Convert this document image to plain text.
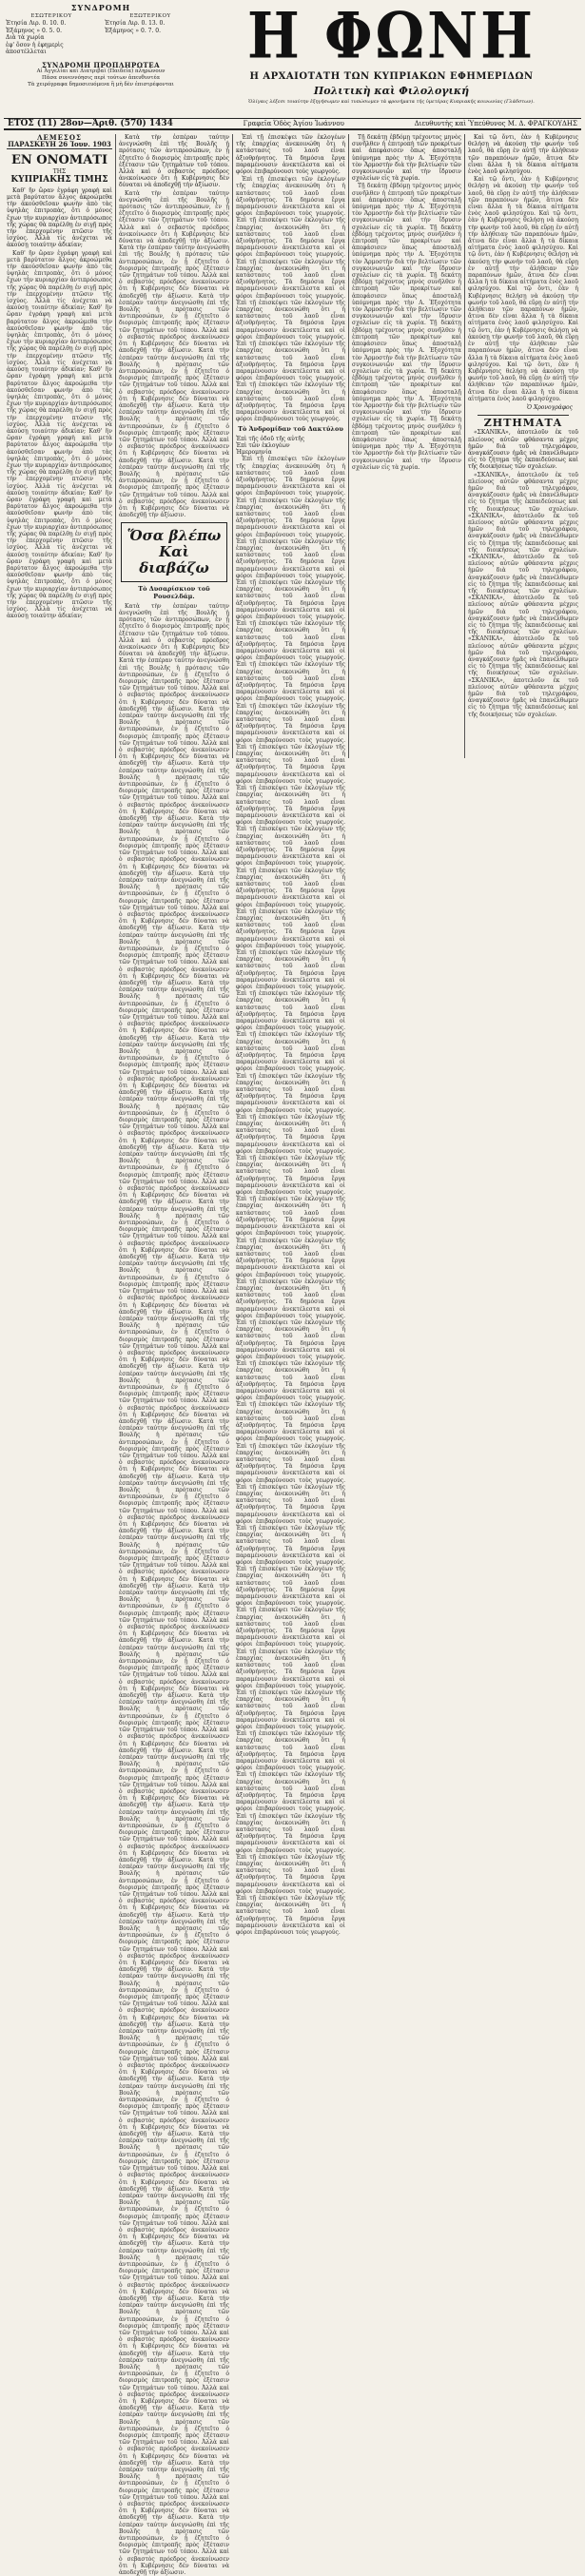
ΣΥΝΔΡΟΜΗ
ΕΣΩΤΕΡΙΚΟΥ
Ἐτησία Λιρ. 0. 10. 0.
Ἑξάμηνος » 0. 5. 0.
Διὰ τὰ χωρία
ἐφ' ὅσον ἡ ἐφημερὶς
ἀποστέλλεται
ΕΞΩΤΕΡΙΚΟΥ
Ἐτησία Λιρ. 0. 13. 0.
Ἑξάμηνος » 0. 7. 0.
ΣΥΝΔΡΟΜΗ ΠΡΟΠΛΗΡΩΤΕΑ
Αἱ Ἀγγελίαι καὶ Διατριβαὶ (Παιδεία) πληρώνουν
Πᾶσα συνεννόησις περὶ τούτων ἀπευθυντέα
Τὰ χειρόγραφα δημοσιευόμενα ἢ μὴ δὲν ἐπιστρέφονται
Η ΦΩΝΗ
Η ΑΡΧΑΙΟΤΑΤΗ ΤΩΝ ΚΥΠΡΙΑΚΩΝ ΕΦΗΜΕΡΙΔΩΝ
Πολιτικὴ καὶ Φιλολογική
Ὁλίγαις λέξεσι τοιαύτην ἐξηγήσωμεν καὶ τυπώσωμεν τὰ φρονήματα τῆς ὑμετέρας Κυπριακῆς κοινωνίας (Γλάδστων).
ΕΤΟΣ (11) 28ον—Ἀριθ. (570) 1434	Γραφεῖα Ὁδὸς Ἁγίου Ἰωάννου	Διευθυντὴς καὶ Ὑπεύθυνος Μ. Δ. ΦΡΑΓΚΟΥΔΗΣ
ΛΕΜΕΣΟΣ
ΠΑΡΑΣΚΕΥΗ 26 Ἰουν. 1903
ΕΝ ΟΝΟΜΑΤΙ
ΤΗΣ
ΚΥΠΡΙΑΚΗΣ ΤΙΜΗΣ

Καθ' ἣν ὥραν ἐγράφη γραφὴ καὶ μετὰ βαρύτατον ἄλγος ἀκροώμεθα τὴν ἀκούσθεῖσαν φωνὴν ἀπὸ τὰς ὑψηλὰς ἐπιτροπὰς, ὅτι ὁ μόνος ἔχων τὴν κυριαρχίαν ἀντιπρόσωπος τῆς χώρας θὰ παρέλθῃ ἐν σιγῇ πρὸς τὴν ἐπερχομένην πτῶσιν τῆς ἰσχύος. Ἀλλὰ τίς ἀνέχεται νὰ ἀκούσῃ τοιαύτην ἀδικίαν;

Καθ' ἣν ὥραν ἐγράφη γραφὴ καὶ μετὰ βαρύτατον ἄλγος ἀκροώμεθα τὴν ἀκούσθεῖσαν φωνὴν ἀπὸ τὰς ὑψηλὰς ἐπιτροπὰς, ὅτι ὁ μόνος ἔχων τὴν κυριαρχίαν ἀντιπρόσωπος τῆς χώρας θὰ παρέλθῃ ἐν σιγῇ πρὸς τὴν ἐπερχομένην πτῶσιν τῆς ἰσχύος. Ἀλλὰ τίς ἀνέχεται νὰ ἀκούσῃ τοιαύτην ἀδικίαν; Καθ' ἣν ὥραν ἐγράφη γραφὴ καὶ μετὰ βαρύτατον ἄλγος ἀκροώμεθα τὴν ἀκούσθεῖσαν φωνὴν ἀπὸ τὰς ὑψηλὰς ἐπιτροπὰς, ὅτι ὁ μόνος ἔχων τὴν κυριαρχίαν ἀντιπρόσωπος τῆς χώρας θὰ παρέλθῃ ἐν σιγῇ πρὸς τὴν ἐπερχομένην πτῶσιν τῆς ἰσχύος. Ἀλλὰ τίς ἀνέχεται νὰ ἀκούσῃ τοιαύτην ἀδικίαν; Καθ' ἣν ὥραν ἐγράφη γραφὴ καὶ μετὰ βαρύτατον ἄλγος ἀκροώμεθα τὴν ἀκούσθεῖσαν φωνὴν ἀπὸ τὰς ὑψηλὰς ἐπιτροπὰς, ὅτι ὁ μόνος ἔχων τὴν κυριαρχίαν ἀντιπρόσωπος τῆς χώρας θὰ παρέλθῃ ἐν σιγῇ πρὸς τὴν ἐπερχομένην πτῶσιν τῆς ἰσχύος. Ἀλλὰ τίς ἀνέχεται νὰ ἀκούσῃ τοιαύτην ἀδικίαν; Καθ' ἣν ὥραν ἐγράφη γραφὴ καὶ μετὰ βαρύτατον ἄλγος ἀκροώμεθα τὴν ἀκούσθεῖσαν φωνὴν ἀπὸ τὰς ὑψηλὰς ἐπιτροπὰς, ὅτι ὁ μόνος ἔχων τὴν κυριαρχίαν ἀντιπρόσωπος τῆς χώρας θὰ παρέλθῃ ἐν σιγῇ πρὸς τὴν ἐπερχομένην πτῶσιν τῆς ἰσχύος. Ἀλλὰ τίς ἀνέχεται νὰ ἀκούσῃ τοιαύτην ἀδικίαν; Καθ' ἣν ὥραν ἐγράφη γραφὴ καὶ μετὰ βαρύτατον ἄλγος ἀκροώμεθα τὴν ἀκούσθεῖσαν φωνὴν ἀπὸ τὰς ὑψηλὰς ἐπιτροπὰς, ὅτι ὁ μόνος ἔχων τὴν κυριαρχίαν ἀντιπρόσωπος τῆς χώρας θὰ παρέλθῃ ἐν σιγῇ πρὸς τὴν ἐπερχομένην πτῶσιν τῆς ἰσχύος. Ἀλλὰ τίς ἀνέχεται νὰ ἀκούσῃ τοιαύτην ἀδικίαν; Καθ' ἣν ὥραν ἐγράφη γραφὴ καὶ μετὰ βαρύτατον ἄλγος ἀκροώμεθα τὴν ἀκούσθεῖσαν φωνὴν ἀπὸ τὰς ὑψηλὰς ἐπιτροπὰς, ὅτι ὁ μόνος ἔχων τὴν κυριαρχίαν ἀντιπρόσωπος τῆς χώρας θὰ παρέλθῃ ἐν σιγῇ πρὸς τὴν ἐπερχομένην πτῶσιν τῆς ἰσχύος. Ἀλλὰ τίς ἀνέχεται νὰ ἀκούσῃ τοιαύτην ἀδικίαν;

Κατὰ τὴν ἐσπέραν ταύτην ἀνεγνώσθη ἐπὶ τῆς Βουλῆς ἡ πρότασις τῶν ἀντιπροσώπων, ἐν ᾗ ἐζητεῖτο ὁ διορισμὸς ἐπιτροπῆς πρὸς ἐξέτασιν τῶν ζητημάτων τοῦ τόπου. Ἀλλὰ καὶ ὁ σεβαστὸς πρόεδρος ἀνεκοίνωσεν ὅτι ἡ Κυβέρνησις δὲν δύναται νὰ ἀποδεχθῇ τὴν ἀξίωσιν.

Κατὰ τὴν ἐσπέραν ταύτην ἀνεγνώσθη ἐπὶ τῆς Βουλῆς ἡ πρότασις τῶν ἀντιπροσώπων, ἐν ᾗ ἐζητεῖτο ὁ διορισμὸς ἐπιτροπῆς πρὸς ἐξέτασιν τῶν ζητημάτων τοῦ τόπου. Ἀλλὰ καὶ ὁ σεβαστὸς πρόεδρος ἀνεκοίνωσεν ὅτι ἡ Κυβέρνησις δὲν δύναται νὰ ἀποδεχθῇ τὴν ἀξίωσιν. Κατὰ τὴν ἐσπέραν ταύτην ἀνεγνώσθη ἐπὶ τῆς Βουλῆς ἡ πρότασις τῶν ἀντιπροσώπων, ἐν ᾗ ἐζητεῖτο ὁ διορισμὸς ἐπιτροπῆς πρὸς ἐξέτασιν τῶν ζητημάτων τοῦ τόπου. Ἀλλὰ καὶ ὁ σεβαστὸς πρόεδρος ἀνεκοίνωσεν ὅτι ἡ Κυβέρνησις δὲν δύναται νὰ ἀποδεχθῇ τὴν ἀξίωσιν. Κατὰ τὴν ἐσπέραν ταύτην ἀνεγνώσθη ἐπὶ τῆς Βουλῆς ἡ πρότασις τῶν ἀντιπροσώπων, ἐν ᾗ ἐζητεῖτο ὁ διορισμὸς ἐπιτροπῆς πρὸς ἐξέτασιν τῶν ζητημάτων τοῦ τόπου. Ἀλλὰ καὶ ὁ σεβαστὸς πρόεδρος ἀνεκοίνωσεν ὅτι ἡ Κυβέρνησις δὲν δύναται νὰ ἀποδεχθῇ τὴν ἀξίωσιν. Κατὰ τὴν ἐσπέραν ταύτην ἀνεγνώσθη ἐπὶ τῆς Βουλῆς ἡ πρότασις τῶν ἀντιπροσώπων, ἐν ᾗ ἐζητεῖτο ὁ διορισμὸς ἐπιτροπῆς πρὸς ἐξέτασιν τῶν ζητημάτων τοῦ τόπου. Ἀλλὰ καὶ ὁ σεβαστὸς πρόεδρος ἀνεκοίνωσεν ὅτι ἡ Κυβέρνησις δὲν δύναται νὰ ἀποδεχθῇ τὴν ἀξίωσιν. Κατὰ τὴν ἐσπέραν ταύτην ἀνεγνώσθη ἐπὶ τῆς Βουλῆς ἡ πρότασις τῶν ἀντιπροσώπων, ἐν ᾗ ἐζητεῖτο ὁ διορισμὸς ἐπιτροπῆς πρὸς ἐξέτασιν τῶν ζητημάτων τοῦ τόπου. Ἀλλὰ καὶ ὁ σεβαστὸς πρόεδρος ἀνεκοίνωσεν ὅτι ἡ Κυβέρνησις δὲν δύναται νὰ ἀποδεχθῇ τὴν ἀξίωσιν. Κατὰ τὴν ἐσπέραν ταύτην ἀνεγνώσθη ἐπὶ τῆς Βουλῆς ἡ πρότασις τῶν ἀντιπροσώπων, ἐν ᾗ ἐζητεῖτο ὁ διορισμὸς ἐπιτροπῆς πρὸς ἐξέτασιν τῶν ζητημάτων τοῦ τόπου. Ἀλλὰ καὶ ὁ σεβαστὸς πρόεδρος ἀνεκοίνωσεν ὅτι ἡ Κυβέρνησις δὲν δύναται νὰ ἀποδεχθῇ τὴν ἀξίωσιν.

Ὅσα βλέπω
Καὶ διαβάζω
Τὸ Δυσαρίσκιον τοῦ Ρουσελδάμ.

Κατὰ τὴν ἐσπέραν ταύτην ἀνεγνώσθη ἐπὶ τῆς Βουλῆς ἡ πρότασις τῶν ἀντιπροσώπων, ἐν ᾗ ἐζητεῖτο ὁ διορισμὸς ἐπιτροπῆς πρὸς ἐξέτασιν τῶν ζητημάτων τοῦ τόπου. Ἀλλὰ καὶ ὁ σεβαστὸς πρόεδρος ἀνεκοίνωσεν ὅτι ἡ Κυβέρνησις δὲν δύναται νὰ ἀποδεχθῇ τὴν ἀξίωσιν. Κατὰ τὴν ἐσπέραν ταύτην ἀνεγνώσθη ἐπὶ τῆς Βουλῆς ἡ πρότασις τῶν ἀντιπροσώπων, ἐν ᾗ ἐζητεῖτο ὁ διορισμὸς ἐπιτροπῆς πρὸς ἐξέτασιν τῶν ζητημάτων τοῦ τόπου. Ἀλλὰ καὶ ὁ σεβαστὸς πρόεδρος ἀνεκοίνωσεν ὅτι ἡ Κυβέρνησις δὲν δύναται νὰ ἀποδεχθῇ τὴν ἀξίωσιν. Κατὰ τὴν ἐσπέραν ταύτην ἀνεγνώσθη ἐπὶ τῆς Βουλῆς ἡ πρότασις τῶν ἀντιπροσώπων, ἐν ᾗ ἐζητεῖτο ὁ διορισμὸς ἐπιτροπῆς πρὸς ἐξέτασιν τῶν ζητημάτων τοῦ τόπου. Ἀλλὰ καὶ ὁ σεβαστὸς πρόεδρος ἀνεκοίνωσεν ὅτι ἡ Κυβέρνησις δὲν δύναται νὰ ἀποδεχθῇ τὴν ἀξίωσιν. Κατὰ τὴν ἐσπέραν ταύτην ἀνεγνώσθη ἐπὶ τῆς Βουλῆς ἡ πρότασις τῶν ἀντιπροσώπων, ἐν ᾗ ἐζητεῖτο ὁ διορισμὸς ἐπιτροπῆς πρὸς ἐξέτασιν τῶν ζητημάτων τοῦ τόπου. Ἀλλὰ καὶ ὁ σεβαστὸς πρόεδρος ἀνεκοίνωσεν ὅτι ἡ Κυβέρνησις δὲν δύναται νὰ ἀποδεχθῇ τὴν ἀξίωσιν. Κατὰ τὴν ἐσπέραν ταύτην ἀνεγνώσθη ἐπὶ τῆς Βουλῆς ἡ πρότασις τῶν ἀντιπροσώπων, ἐν ᾗ ἐζητεῖτο ὁ διορισμὸς ἐπιτροπῆς πρὸς ἐξέτασιν τῶν ζητημάτων τοῦ τόπου. Ἀλλὰ καὶ ὁ σεβαστὸς πρόεδρος ἀνεκοίνωσεν ὅτι ἡ Κυβέρνησις δὲν δύναται νὰ ἀποδεχθῇ τὴν ἀξίωσιν. Κατὰ τὴν ἐσπέραν ταύτην ἀνεγνώσθη ἐπὶ τῆς Βουλῆς ἡ πρότασις τῶν ἀντιπροσώπων, ἐν ᾗ ἐζητεῖτο ὁ διορισμὸς ἐπιτροπῆς πρὸς ἐξέτασιν τῶν ζητημάτων τοῦ τόπου. Ἀλλὰ καὶ ὁ σεβαστὸς πρόεδρος ἀνεκοίνωσεν ὅτι ἡ Κυβέρνησις δὲν δύναται νὰ ἀποδεχθῇ τὴν ἀξίωσιν. Κατὰ τὴν ἐσπέραν ταύτην ἀνεγνώσθη ἐπὶ τῆς Βουλῆς ἡ πρότασις τῶν ἀντιπροσώπων, ἐν ᾗ ἐζητεῖτο ὁ διορισμὸς ἐπιτροπῆς πρὸς ἐξέτασιν τῶν ζητημάτων τοῦ τόπου. Ἀλλὰ καὶ ὁ σεβαστὸς πρόεδρος ἀνεκοίνωσεν ὅτι ἡ Κυβέρνησις δὲν δύναται νὰ ἀποδεχθῇ τὴν ἀξίωσιν. Κατὰ τὴν ἐσπέραν ταύτην ἀνεγνώσθη ἐπὶ τῆς Βουλῆς ἡ πρότασις τῶν ἀντιπροσώπων, ἐν ᾗ ἐζητεῖτο ὁ διορισμὸς ἐπιτροπῆς πρὸς ἐξέτασιν τῶν ζητημάτων τοῦ τόπου. Ἀλλὰ καὶ ὁ σεβαστὸς πρόεδρος ἀνεκοίνωσεν ὅτι ἡ Κυβέρνησις δὲν δύναται νὰ ἀποδεχθῇ τὴν ἀξίωσιν. Κατὰ τὴν ἐσπέραν ταύτην ἀνεγνώσθη ἐπὶ τῆς Βουλῆς ἡ πρότασις τῶν ἀντιπροσώπων, ἐν ᾗ ἐζητεῖτο ὁ διορισμὸς ἐπιτροπῆς πρὸς ἐξέτασιν τῶν ζητημάτων τοῦ τόπου. Ἀλλὰ καὶ ὁ σεβαστὸς πρόεδρος ἀνεκοίνωσεν ὅτι ἡ Κυβέρνησις δὲν δύναται νὰ ἀποδεχθῇ τὴν ἀξίωσιν. Κατὰ τὴν ἐσπέραν ταύτην ἀνεγνώσθη ἐπὶ τῆς Βουλῆς ἡ πρότασις τῶν ἀντιπροσώπων, ἐν ᾗ ἐζητεῖτο ὁ διορισμὸς ἐπιτροπῆς πρὸς ἐξέτασιν τῶν ζητημάτων τοῦ τόπου. Ἀλλὰ καὶ ὁ σεβαστὸς πρόεδρος ἀνεκοίνωσεν ὅτι ἡ Κυβέρνησις δὲν δύναται νὰ ἀποδεχθῇ τὴν ἀξίωσιν. Κατὰ τὴν ἐσπέραν ταύτην ἀνεγνώσθη ἐπὶ τῆς Βουλῆς ἡ πρότασις τῶν ἀντιπροσώπων, ἐν ᾗ ἐζητεῖτο ὁ διορισμὸς ἐπιτροπῆς πρὸς ἐξέτασιν τῶν ζητημάτων τοῦ τόπου. Ἀλλὰ καὶ ὁ σεβαστὸς πρόεδρος ἀνεκοίνωσεν ὅτι ἡ Κυβέρνησις δὲν δύναται νὰ ἀποδεχθῇ τὴν ἀξίωσιν. Κατὰ τὴν ἐσπέραν ταύτην ἀνεγνώσθη ἐπὶ τῆς Βουλῆς ἡ πρότασις τῶν ἀντιπροσώπων, ἐν ᾗ ἐζητεῖτο ὁ διορισμὸς ἐπιτροπῆς πρὸς ἐξέτασιν τῶν ζητημάτων τοῦ τόπου. Ἀλλὰ καὶ ὁ σεβαστὸς πρόεδρος ἀνεκοίνωσεν ὅτι ἡ Κυβέρνησις δὲν δύναται νὰ ἀποδεχθῇ τὴν ἀξίωσιν. Κατὰ τὴν ἐσπέραν ταύτην ἀνεγνώσθη ἐπὶ τῆς Βουλῆς ἡ πρότασις τῶν ἀντιπροσώπων, ἐν ᾗ ἐζητεῖτο ὁ διορισμὸς ἐπιτροπῆς πρὸς ἐξέτασιν τῶν ζητημάτων τοῦ τόπου. Ἀλλὰ καὶ ὁ σεβαστὸς πρόεδρος ἀνεκοίνωσεν ὅτι ἡ Κυβέρνησις δὲν δύναται νὰ ἀποδεχθῇ τὴν ἀξίωσιν. Κατὰ τὴν ἐσπέραν ταύτην ἀνεγνώσθη ἐπὶ τῆς Βουλῆς ἡ πρότασις τῶν ἀντιπροσώπων, ἐν ᾗ ἐζητεῖτο ὁ διορισμὸς ἐπιτροπῆς πρὸς ἐξέτασιν τῶν ζητημάτων τοῦ τόπου. Ἀλλὰ καὶ ὁ σεβαστὸς πρόεδρος ἀνεκοίνωσεν ὅτι ἡ Κυβέρνησις δὲν δύναται νὰ ἀποδεχθῇ τὴν ἀξίωσιν. Κατὰ τὴν ἐσπέραν ταύτην ἀνεγνώσθη ἐπὶ τῆς Βουλῆς ἡ πρότασις τῶν ἀντιπροσώπων, ἐν ᾗ ἐζητεῖτο ὁ διορισμὸς ἐπιτροπῆς πρὸς ἐξέτασιν τῶν ζητημάτων τοῦ τόπου. Ἀλλὰ καὶ ὁ σεβαστὸς πρόεδρος ἀνεκοίνωσεν ὅτι ἡ Κυβέρνησις δὲν δύναται νὰ ἀποδεχθῇ τὴν ἀξίωσιν. Κατὰ τὴν ἐσπέραν ταύτην ἀνεγνώσθη ἐπὶ τῆς Βουλῆς ἡ πρότασις τῶν ἀντιπροσώπων, ἐν ᾗ ἐζητεῖτο ὁ διορισμὸς ἐπιτροπῆς πρὸς ἐξέτασιν τῶν ζητημάτων τοῦ τόπου. Ἀλλὰ καὶ ὁ σεβαστὸς πρόεδρος ἀνεκοίνωσεν ὅτι ἡ Κυβέρνησις δὲν δύναται νὰ ἀποδεχθῇ τὴν ἀξίωσιν. Κατὰ τὴν ἐσπέραν ταύτην ἀνεγνώσθη ἐπὶ τῆς Βουλῆς ἡ πρότασις τῶν ἀντιπροσώπων, ἐν ᾗ ἐζητεῖτο ὁ διορισμὸς ἐπιτροπῆς πρὸς ἐξέτασιν τῶν ζητημάτων τοῦ τόπου. Ἀλλὰ καὶ ὁ σεβαστὸς πρόεδρος ἀνεκοίνωσεν ὅτι ἡ Κυβέρνησις δὲν δύναται νὰ ἀποδεχθῇ τὴν ἀξίωσιν. Κατὰ τὴν ἐσπέραν ταύτην ἀνεγνώσθη ἐπὶ τῆς Βουλῆς ἡ πρότασις τῶν ἀντιπροσώπων, ἐν ᾗ ἐζητεῖτο ὁ διορισμὸς ἐπιτροπῆς πρὸς ἐξέτασιν τῶν ζητημάτων τοῦ τόπου. Ἀλλὰ καὶ ὁ σεβαστὸς πρόεδρος ἀνεκοίνωσεν ὅτι ἡ Κυβέρνησις δὲν δύναται νὰ ἀποδεχθῇ τὴν ἀξίωσιν. Κατὰ τὴν ἐσπέραν ταύτην ἀνεγνώσθη ἐπὶ τῆς Βουλῆς ἡ πρότασις τῶν ἀντιπροσώπων, ἐν ᾗ ἐζητεῖτο ὁ διορισμὸς ἐπιτροπῆς πρὸς ἐξέτασιν τῶν ζητημάτων τοῦ τόπου. Ἀλλὰ καὶ ὁ σεβαστὸς πρόεδρος ἀνεκοίνωσεν ὅτι ἡ Κυβέρνησις δὲν δύναται νὰ ἀποδεχθῇ τὴν ἀξίωσιν. Κατὰ τὴν ἐσπέραν ταύτην ἀνεγνώσθη ἐπὶ τῆς Βουλῆς ἡ πρότασις τῶν ἀντιπροσώπων, ἐν ᾗ ἐζητεῖτο ὁ διορισμὸς ἐπιτροπῆς πρὸς ἐξέτασιν τῶν ζητημάτων τοῦ τόπου. Ἀλλὰ καὶ ὁ σεβαστὸς πρόεδρος ἀνεκοίνωσεν ὅτι ἡ Κυβέρνησις δὲν δύναται νὰ ἀποδεχθῇ τὴν ἀξίωσιν. Κατὰ τὴν ἐσπέραν ταύτην ἀνεγνώσθη ἐπὶ τῆς Βουλῆς ἡ πρότασις τῶν ἀντιπροσώπων, ἐν ᾗ ἐζητεῖτο ὁ διορισμὸς ἐπιτροπῆς πρὸς ἐξέτασιν τῶν ζητημάτων τοῦ τόπου. Ἀλλὰ καὶ ὁ σεβαστὸς πρόεδρος ἀνεκοίνωσεν ὅτι ἡ Κυβέρνησις δὲν δύναται νὰ ἀποδεχθῇ τὴν ἀξίωσιν. Κατὰ τὴν ἐσπέραν ταύτην ἀνεγνώσθη ἐπὶ τῆς Βουλῆς ἡ πρότασις τῶν ἀντιπροσώπων, ἐν ᾗ ἐζητεῖτο ὁ διορισμὸς ἐπιτροπῆς πρὸς ἐξέτασιν τῶν ζητημάτων τοῦ τόπου. Ἀλλὰ καὶ ὁ σεβαστὸς πρόεδρος ἀνεκοίνωσεν ὅτι ἡ Κυβέρνησις δὲν δύναται νὰ ἀποδεχθῇ τὴν ἀξίωσιν. Κατὰ τὴν ἐσπέραν ταύτην ἀνεγνώσθη ἐπὶ τῆς Βουλῆς ἡ πρότασις τῶν ἀντιπροσώπων, ἐν ᾗ ἐζητεῖτο ὁ διορισμὸς ἐπιτροπῆς πρὸς ἐξέτασιν τῶν ζητημάτων τοῦ τόπου. Ἀλλὰ καὶ ὁ σεβαστὸς πρόεδρος ἀνεκοίνωσεν ὅτι ἡ Κυβέρνησις δὲν δύναται νὰ ἀποδεχθῇ τὴν ἀξίωσιν. Κατὰ τὴν ἐσπέραν ταύτην ἀνεγνώσθη ἐπὶ τῆς Βουλῆς ἡ πρότασις τῶν ἀντιπροσώπων, ἐν ᾗ ἐζητεῖτο ὁ διορισμὸς ἐπιτροπῆς πρὸς ἐξέτασιν τῶν ζητημάτων τοῦ τόπου. Ἀλλὰ καὶ ὁ σεβαστὸς πρόεδρος ἀνεκοίνωσεν ὅτι ἡ Κυβέρνησις δὲν δύναται νὰ ἀποδεχθῇ τὴν ἀξίωσιν. Κατὰ τὴν ἐσπέραν ταύτην ἀνεγνώσθη ἐπὶ τῆς Βουλῆς ἡ πρότασις τῶν ἀντιπροσώπων, ἐν ᾗ ἐζητεῖτο ὁ διορισμὸς ἐπιτροπῆς πρὸς ἐξέτασιν τῶν ζητημάτων τοῦ τόπου. Ἀλλὰ καὶ ὁ σεβαστὸς πρόεδρος ἀνεκοίνωσεν ὅτι ἡ Κυβέρνησις δὲν δύναται νὰ ἀποδεχθῇ τὴν ἀξίωσιν. Κατὰ τὴν ἐσπέραν ταύτην ἀνεγνώσθη ἐπὶ τῆς Βουλῆς ἡ πρότασις τῶν ἀντιπροσώπων, ἐν ᾗ ἐζητεῖτο ὁ διορισμὸς ἐπιτροπῆς πρὸς ἐξέτασιν τῶν ζητημάτων τοῦ τόπου. Ἀλλὰ καὶ ὁ σεβαστὸς πρόεδρος ἀνεκοίνωσεν ὅτι ἡ Κυβέρνησις δὲν δύναται νὰ ἀποδεχθῇ τὴν ἀξίωσιν. Κατὰ τὴν ἐσπέραν ταύτην ἀνεγνώσθη ἐπὶ τῆς Βουλῆς ἡ πρότασις τῶν ἀντιπροσώπων, ἐν ᾗ ἐζητεῖτο ὁ διορισμὸς ἐπιτροπῆς πρὸς ἐξέτασιν τῶν ζητημάτων τοῦ τόπου. Ἀλλὰ καὶ ὁ σεβαστὸς πρόεδρος ἀνεκοίνωσεν ὅτι ἡ Κυβέρνησις δὲν δύναται νὰ ἀποδεχθῇ τὴν ἀξίωσιν. Κατὰ τὴν ἐσπέραν ταύτην ἀνεγνώσθη ἐπὶ τῆς Βουλῆς ἡ πρότασις τῶν ἀντιπροσώπων, ἐν ᾗ ἐζητεῖτο ὁ διορισμὸς ἐπιτροπῆς πρὸς ἐξέτασιν τῶν ζητημάτων τοῦ τόπου. Ἀλλὰ καὶ ὁ σεβαστὸς πρόεδρος ἀνεκοίνωσεν ὅτι ἡ Κυβέρνησις δὲν δύναται νὰ ἀποδεχθῇ τὴν ἀξίωσιν. Κατὰ τὴν ἐσπέραν ταύτην ἀνεγνώσθη ἐπὶ τῆς Βουλῆς ἡ πρότασις τῶν ἀντιπροσώπων, ἐν ᾗ ἐζητεῖτο ὁ διορισμὸς ἐπιτροπῆς πρὸς ἐξέτασιν τῶν ζητημάτων τοῦ τόπου. Ἀλλὰ καὶ ὁ σεβαστὸς πρόεδρος ἀνεκοίνωσεν ὅτι ἡ Κυβέρνησις δὲν δύναται νὰ ἀποδεχθῇ τὴν ἀξίωσιν. Κατὰ τὴν ἐσπέραν ταύτην ἀνεγνώσθη ἐπὶ τῆς Βουλῆς ἡ πρότασις τῶν ἀντιπροσώπων, ἐν ᾗ ἐζητεῖτο ὁ διορισμὸς ἐπιτροπῆς πρὸς ἐξέτασιν τῶν ζητημάτων τοῦ τόπου. Ἀλλὰ καὶ ὁ σεβαστὸς πρόεδρος ἀνεκοίνωσεν ὅτι ἡ Κυβέρνησις δὲν δύναται νὰ ἀποδεχθῇ τὴν ἀξίωσιν. Κατὰ τὴν ἐσπέραν ταύτην ἀνεγνώσθη ἐπὶ τῆς Βουλῆς ἡ πρότασις τῶν ἀντιπροσώπων, ἐν ᾗ ἐζητεῖτο ὁ διορισμὸς ἐπιτροπῆς πρὸς ἐξέτασιν τῶν ζητημάτων τοῦ τόπου. Ἀλλὰ καὶ ὁ σεβαστὸς πρόεδρος ἀνεκοίνωσεν ὅτι ἡ Κυβέρνησις δὲν δύναται νὰ ἀποδεχθῇ τὴν ἀξίωσιν. Κατὰ τὴν ἐσπέραν ταύτην ἀνεγνώσθη ἐπὶ τῆς Βουλῆς ἡ πρότασις τῶν ἀντιπροσώπων, ἐν ᾗ ἐζητεῖτο ὁ διορισμὸς ἐπιτροπῆς πρὸς ἐξέτασιν τῶν ζητημάτων τοῦ τόπου. Ἀλλὰ καὶ ὁ σεβαστὸς πρόεδρος ἀνεκοίνωσεν ὅτι ἡ Κυβέρνησις δὲν δύναται νὰ ἀποδεχθῇ τὴν ἀξίωσιν. Κατὰ τὴν ἐσπέραν ταύτην ἀνεγνώσθη ἐπὶ τῆς Βουλῆς ἡ πρότασις τῶν ἀντιπροσώπων, ἐν ᾗ ἐζητεῖτο ὁ διορισμὸς ἐπιτροπῆς πρὸς ἐξέτασιν τῶν ζητημάτων τοῦ τόπου. Ἀλλὰ καὶ ὁ σεβαστὸς πρόεδρος ἀνεκοίνωσεν ὅτι ἡ Κυβέρνησις δὲν δύναται νὰ ἀποδεχθῇ τὴν ἀξίωσιν. Κατὰ τὴν ἐσπέραν ταύτην ἀνεγνώσθη ἐπὶ τῆς Βουλῆς ἡ πρότασις τῶν ἀντιπροσώπων, ἐν ᾗ ἐζητεῖτο ὁ διορισμὸς ἐπιτροπῆς πρὸς ἐξέτασιν τῶν ζητημάτων τοῦ τόπου. Ἀλλὰ καὶ ὁ σεβαστὸς πρόεδρος ἀνεκοίνωσεν ὅτι ἡ Κυβέρνησις δὲν δύναται νὰ ἀποδεχθῇ τὴν ἀξίωσιν. Κατὰ τὴν ἐσπέραν ταύτην ἀνεγνώσθη ἐπὶ τῆς Βουλῆς ἡ πρότασις τῶν ἀντιπροσώπων, ἐν ᾗ ἐζητεῖτο ὁ διορισμὸς ἐπιτροπῆς πρὸς ἐξέτασιν τῶν ζητημάτων τοῦ τόπου. Ἀλλὰ καὶ ὁ σεβαστὸς πρόεδρος ἀνεκοίνωσεν ὅτι ἡ Κυβέρνησις δὲν δύναται νὰ ἀποδεχθῇ τὴν ἀξίωσιν. Κατὰ τὴν ἐσπέραν ταύτην ἀνεγνώσθη ἐπὶ τῆς Βουλῆς ἡ πρότασις τῶν ἀντιπροσώπων, ἐν ᾗ ἐζητεῖτο ὁ διορισμὸς ἐπιτροπῆς πρὸς ἐξέτασιν τῶν ζητημάτων τοῦ τόπου. Ἀλλὰ καὶ ὁ σεβαστὸς πρόεδρος ἀνεκοίνωσεν ὅτι ἡ Κυβέρνησις δὲν δύναται νὰ ἀποδεχθῇ τὴν ἀξίωσιν.

Ἐπὶ τῇ ἐπισκέψει τῶν ἐκλογέων τῆς ἐπαρχίας ἀνεκοινώθη ὅτι ἡ κατάστασις τοῦ λαοῦ εἶναι ἀξιοθρήνητος. Τὰ δημόσια ἔργα παραμένουσιν ἀνεκτέλεστα καὶ οἱ φόροι ἐπιβαρύνουσι τοὺς γεωργούς.

Ἐπὶ τῇ ἐπισκέψει τῶν ἐκλογέων τῆς ἐπαρχίας ἀνεκοινώθη ὅτι ἡ κατάστασις τοῦ λαοῦ εἶναι ἀξιοθρήνητος. Τὰ δημόσια ἔργα παραμένουσιν ἀνεκτέλεστα καὶ οἱ φόροι ἐπιβαρύνουσι τοὺς γεωργούς. Ἐπὶ τῇ ἐπισκέψει τῶν ἐκλογέων τῆς ἐπαρχίας ἀνεκοινώθη ὅτι ἡ κατάστασις τοῦ λαοῦ εἶναι ἀξιοθρήνητος. Τὰ δημόσια ἔργα παραμένουσιν ἀνεκτέλεστα καὶ οἱ φόροι ἐπιβαρύνουσι τοὺς γεωργούς. Ἐπὶ τῇ ἐπισκέψει τῶν ἐκλογέων τῆς ἐπαρχίας ἀνεκοινώθη ὅτι ἡ κατάστασις τοῦ λαοῦ εἶναι ἀξιοθρήνητος. Τὰ δημόσια ἔργα παραμένουσιν ἀνεκτέλεστα καὶ οἱ φόροι ἐπιβαρύνουσι τοὺς γεωργούς. Ἐπὶ τῇ ἐπισκέψει τῶν ἐκλογέων τῆς ἐπαρχίας ἀνεκοινώθη ὅτι ἡ κατάστασις τοῦ λαοῦ εἶναι ἀξιοθρήνητος. Τὰ δημόσια ἔργα παραμένουσιν ἀνεκτέλεστα καὶ οἱ φόροι ἐπιβαρύνουσι τοὺς γεωργούς. Ἐπὶ τῇ ἐπισκέψει τῶν ἐκλογέων τῆς ἐπαρχίας ἀνεκοινώθη ὅτι ἡ κατάστασις τοῦ λαοῦ εἶναι ἀξιοθρήνητος. Τὰ δημόσια ἔργα παραμένουσιν ἀνεκτέλεστα καὶ οἱ φόροι ἐπιβαρύνουσι τοὺς γεωργούς. Ἐπὶ τῇ ἐπισκέψει τῶν ἐκλογέων τῆς ἐπαρχίας ἀνεκοινώθη ὅτι ἡ κατάστασις τοῦ λαοῦ εἶναι ἀξιοθρήνητος. Τὰ δημόσια ἔργα παραμένουσιν ἀνεκτέλεστα καὶ οἱ φόροι ἐπιβαρύνουσι τοὺς γεωργούς.

Τὸ Ἀνδρομίδαν τοῦ Δακτύλου
Ἐπὶ τῆς ὁδοῦ τῆς αὐτῆς
Ἐπὶ τῶν ἐκλογέων
Ἡμερομηνία

Ἐπὶ τῇ ἐπισκέψει τῶν ἐκλογέων τῆς ἐπαρχίας ἀνεκοινώθη ὅτι ἡ κατάστασις τοῦ λαοῦ εἶναι ἀξιοθρήνητος. Τὰ δημόσια ἔργα παραμένουσιν ἀνεκτέλεστα καὶ οἱ φόροι ἐπιβαρύνουσι τοὺς γεωργούς. Ἐπὶ τῇ ἐπισκέψει τῶν ἐκλογέων τῆς ἐπαρχίας ἀνεκοινώθη ὅτι ἡ κατάστασις τοῦ λαοῦ εἶναι ἀξιοθρήνητος. Τὰ δημόσια ἔργα παραμένουσιν ἀνεκτέλεστα καὶ οἱ φόροι ἐπιβαρύνουσι τοὺς γεωργούς. Ἐπὶ τῇ ἐπισκέψει τῶν ἐκλογέων τῆς ἐπαρχίας ἀνεκοινώθη ὅτι ἡ κατάστασις τοῦ λαοῦ εἶναι ἀξιοθρήνητος. Τὰ δημόσια ἔργα παραμένουσιν ἀνεκτέλεστα καὶ οἱ φόροι ἐπιβαρύνουσι τοὺς γεωργούς. Ἐπὶ τῇ ἐπισκέψει τῶν ἐκλογέων τῆς ἐπαρχίας ἀνεκοινώθη ὅτι ἡ κατάστασις τοῦ λαοῦ εἶναι ἀξιοθρήνητος. Τὰ δημόσια ἔργα παραμένουσιν ἀνεκτέλεστα καὶ οἱ φόροι ἐπιβαρύνουσι τοὺς γεωργούς. Ἐπὶ τῇ ἐπισκέψει τῶν ἐκλογέων τῆς ἐπαρχίας ἀνεκοινώθη ὅτι ἡ κατάστασις τοῦ λαοῦ εἶναι ἀξιοθρήνητος. Τὰ δημόσια ἔργα παραμένουσιν ἀνεκτέλεστα καὶ οἱ φόροι ἐπιβαρύνουσι τοὺς γεωργούς. Ἐπὶ τῇ ἐπισκέψει τῶν ἐκλογέων τῆς ἐπαρχίας ἀνεκοινώθη ὅτι ἡ κατάστασις τοῦ λαοῦ εἶναι ἀξιοθρήνητος. Τὰ δημόσια ἔργα παραμένουσιν ἀνεκτέλεστα καὶ οἱ φόροι ἐπιβαρύνουσι τοὺς γεωργούς. Ἐπὶ τῇ ἐπισκέψει τῶν ἐκλογέων τῆς ἐπαρχίας ἀνεκοινώθη ὅτι ἡ κατάστασις τοῦ λαοῦ εἶναι ἀξιοθρήνητος. Τὰ δημόσια ἔργα παραμένουσιν ἀνεκτέλεστα καὶ οἱ φόροι ἐπιβαρύνουσι τοὺς γεωργούς. Ἐπὶ τῇ ἐπισκέψει τῶν ἐκλογέων τῆς ἐπαρχίας ἀνεκοινώθη ὅτι ἡ κατάστασις τοῦ λαοῦ εἶναι ἀξιοθρήνητος. Τὰ δημόσια ἔργα παραμένουσιν ἀνεκτέλεστα καὶ οἱ φόροι ἐπιβαρύνουσι τοὺς γεωργούς. Ἐπὶ τῇ ἐπισκέψει τῶν ἐκλογέων τῆς ἐπαρχίας ἀνεκοινώθη ὅτι ἡ κατάστασις τοῦ λαοῦ εἶναι ἀξιοθρήνητος. Τὰ δημόσια ἔργα παραμένουσιν ἀνεκτέλεστα καὶ οἱ φόροι ἐπιβαρύνουσι τοὺς γεωργούς. Ἐπὶ τῇ ἐπισκέψει τῶν ἐκλογέων τῆς ἐπαρχίας ἀνεκοινώθη ὅτι ἡ κατάστασις τοῦ λαοῦ εἶναι ἀξιοθρήνητος. Τὰ δημόσια ἔργα παραμένουσιν ἀνεκτέλεστα καὶ οἱ φόροι ἐπιβαρύνουσι τοὺς γεωργούς. Ἐπὶ τῇ ἐπισκέψει τῶν ἐκλογέων τῆς ἐπαρχίας ἀνεκοινώθη ὅτι ἡ κατάστασις τοῦ λαοῦ εἶναι ἀξιοθρήνητος. Τὰ δημόσια ἔργα παραμένουσιν ἀνεκτέλεστα καὶ οἱ φόροι ἐπιβαρύνουσι τοὺς γεωργούς. Ἐπὶ τῇ ἐπισκέψει τῶν ἐκλογέων τῆς ἐπαρχίας ἀνεκοινώθη ὅτι ἡ κατάστασις τοῦ λαοῦ εἶναι ἀξιοθρήνητος. Τὰ δημόσια ἔργα παραμένουσιν ἀνεκτέλεστα καὶ οἱ φόροι ἐπιβαρύνουσι τοὺς γεωργούς. Ἐπὶ τῇ ἐπισκέψει τῶν ἐκλογέων τῆς ἐπαρχίας ἀνεκοινώθη ὅτι ἡ κατάστασις τοῦ λαοῦ εἶναι ἀξιοθρήνητος. Τὰ δημόσια ἔργα παραμένουσιν ἀνεκτέλεστα καὶ οἱ φόροι ἐπιβαρύνουσι τοὺς γεωργούς. Ἐπὶ τῇ ἐπισκέψει τῶν ἐκλογέων τῆς ἐπαρχίας ἀνεκοινώθη ὅτι ἡ κατάστασις τοῦ λαοῦ εἶναι ἀξιοθρήνητος. Τὰ δημόσια ἔργα παραμένουσιν ἀνεκτέλεστα καὶ οἱ φόροι ἐπιβαρύνουσι τοὺς γεωργούς. Ἐπὶ τῇ ἐπισκέψει τῶν ἐκλογέων τῆς ἐπαρχίας ἀνεκοινώθη ὅτι ἡ κατάστασις τοῦ λαοῦ εἶναι ἀξιοθρήνητος. Τὰ δημόσια ἔργα παραμένουσιν ἀνεκτέλεστα καὶ οἱ φόροι ἐπιβαρύνουσι τοὺς γεωργούς. Ἐπὶ τῇ ἐπισκέψει τῶν ἐκλογέων τῆς ἐπαρχίας ἀνεκοινώθη ὅτι ἡ κατάστασις τοῦ λαοῦ εἶναι ἀξιοθρήνητος. Τὰ δημόσια ἔργα παραμένουσιν ἀνεκτέλεστα καὶ οἱ φόροι ἐπιβαρύνουσι τοὺς γεωργούς. Ἐπὶ τῇ ἐπισκέψει τῶν ἐκλογέων τῆς ἐπαρχίας ἀνεκοινώθη ὅτι ἡ κατάστασις τοῦ λαοῦ εἶναι ἀξιοθρήνητος. Τὰ δημόσια ἔργα παραμένουσιν ἀνεκτέλεστα καὶ οἱ φόροι ἐπιβαρύνουσι τοὺς γεωργούς. Ἐπὶ τῇ ἐπισκέψει τῶν ἐκλογέων τῆς ἐπαρχίας ἀνεκοινώθη ὅτι ἡ κατάστασις τοῦ λαοῦ εἶναι ἀξιοθρήνητος. Τὰ δημόσια ἔργα παραμένουσιν ἀνεκτέλεστα καὶ οἱ φόροι ἐπιβαρύνουσι τοὺς γεωργούς. Ἐπὶ τῇ ἐπισκέψει τῶν ἐκλογέων τῆς ἐπαρχίας ἀνεκοινώθη ὅτι ἡ κατάστασις τοῦ λαοῦ εἶναι ἀξιοθρήνητος. Τὰ δημόσια ἔργα παραμένουσιν ἀνεκτέλεστα καὶ οἱ φόροι ἐπιβαρύνουσι τοὺς γεωργούς. Ἐπὶ τῇ ἐπισκέψει τῶν ἐκλογέων τῆς ἐπαρχίας ἀνεκοινώθη ὅτι ἡ κατάστασις τοῦ λαοῦ εἶναι ἀξιοθρήνητος. Τὰ δημόσια ἔργα παραμένουσιν ἀνεκτέλεστα καὶ οἱ φόροι ἐπιβαρύνουσι τοὺς γεωργούς. Ἐπὶ τῇ ἐπισκέψει τῶν ἐκλογέων τῆς ἐπαρχίας ἀνεκοινώθη ὅτι ἡ κατάστασις τοῦ λαοῦ εἶναι ἀξιοθρήνητος. Τὰ δημόσια ἔργα παραμένουσιν ἀνεκτέλεστα καὶ οἱ φόροι ἐπιβαρύνουσι τοὺς γεωργούς. Ἐπὶ τῇ ἐπισκέψει τῶν ἐκλογέων τῆς ἐπαρχίας ἀνεκοινώθη ὅτι ἡ κατάστασις τοῦ λαοῦ εἶναι ἀξιοθρήνητος. Τὰ δημόσια ἔργα παραμένουσιν ἀνεκτέλεστα καὶ οἱ φόροι ἐπιβαρύνουσι τοὺς γεωργούς. Ἐπὶ τῇ ἐπισκέψει τῶν ἐκλογέων τῆς ἐπαρχίας ἀνεκοινώθη ὅτι ἡ κατάστασις τοῦ λαοῦ εἶναι ἀξιοθρήνητος. Τὰ δημόσια ἔργα παραμένουσιν ἀνεκτέλεστα καὶ οἱ φόροι ἐπιβαρύνουσι τοὺς γεωργούς. Ἐπὶ τῇ ἐπισκέψει τῶν ἐκλογέων τῆς ἐπαρχίας ἀνεκοινώθη ὅτι ἡ κατάστασις τοῦ λαοῦ εἶναι ἀξιοθρήνητος. Τὰ δημόσια ἔργα παραμένουσιν ἀνεκτέλεστα καὶ οἱ φόροι ἐπιβαρύνουσι τοὺς γεωργούς. Ἐπὶ τῇ ἐπισκέψει τῶν ἐκλογέων τῆς ἐπαρχίας ἀνεκοινώθη ὅτι ἡ κατάστασις τοῦ λαοῦ εἶναι ἀξιοθρήνητος. Τὰ δημόσια ἔργα παραμένουσιν ἀνεκτέλεστα καὶ οἱ φόροι ἐπιβαρύνουσι τοὺς γεωργούς. Ἐπὶ τῇ ἐπισκέψει τῶν ἐκλογέων τῆς ἐπαρχίας ἀνεκοινώθη ὅτι ἡ κατάστασις τοῦ λαοῦ εἶναι ἀξιοθρήνητος. Τὰ δημόσια ἔργα παραμένουσιν ἀνεκτέλεστα καὶ οἱ φόροι ἐπιβαρύνουσι τοὺς γεωργούς. Ἐπὶ τῇ ἐπισκέψει τῶν ἐκλογέων τῆς ἐπαρχίας ἀνεκοινώθη ὅτι ἡ κατάστασις τοῦ λαοῦ εἶναι ἀξιοθρήνητος. Τὰ δημόσια ἔργα παραμένουσιν ἀνεκτέλεστα καὶ οἱ φόροι ἐπιβαρύνουσι τοὺς γεωργούς. Ἐπὶ τῇ ἐπισκέψει τῶν ἐκλογέων τῆς ἐπαρχίας ἀνεκοινώθη ὅτι ἡ κατάστασις τοῦ λαοῦ εἶναι ἀξιοθρήνητος. Τὰ δημόσια ἔργα παραμένουσιν ἀνεκτέλεστα καὶ οἱ φόροι ἐπιβαρύνουσι τοὺς γεωργούς. Ἐπὶ τῇ ἐπισκέψει τῶν ἐκλογέων τῆς ἐπαρχίας ἀνεκοινώθη ὅτι ἡ κατάστασις τοῦ λαοῦ εἶναι ἀξιοθρήνητος. Τὰ δημόσια ἔργα παραμένουσιν ἀνεκτέλεστα καὶ οἱ φόροι ἐπιβαρύνουσι τοὺς γεωργούς. Ἐπὶ τῇ ἐπισκέψει τῶν ἐκλογέων τῆς ἐπαρχίας ἀνεκοινώθη ὅτι ἡ κατάστασις τοῦ λαοῦ εἶναι ἀξιοθρήνητος. Τὰ δημόσια ἔργα παραμένουσιν ἀνεκτέλεστα καὶ οἱ φόροι ἐπιβαρύνουσι τοὺς γεωργούς. Ἐπὶ τῇ ἐπισκέψει τῶν ἐκλογέων τῆς ἐπαρχίας ἀνεκοινώθη ὅτι ἡ κατάστασις τοῦ λαοῦ εἶναι ἀξιοθρήνητος. Τὰ δημόσια ἔργα παραμένουσιν ἀνεκτέλεστα καὶ οἱ φόροι ἐπιβαρύνουσι τοὺς γεωργούς. Ἐπὶ τῇ ἐπισκέψει τῶν ἐκλογέων τῆς ἐπαρχίας ἀνεκοινώθη ὅτι ἡ κατάστασις τοῦ λαοῦ εἶναι ἀξιοθρήνητος. Τὰ δημόσια ἔργα παραμένουσιν ἀνεκτέλεστα καὶ οἱ φόροι ἐπιβαρύνουσι τοὺς γεωργούς. Ἐπὶ τῇ ἐπισκέψει τῶν ἐκλογέων τῆς ἐπαρχίας ἀνεκοινώθη ὅτι ἡ κατάστασις τοῦ λαοῦ εἶναι ἀξιοθρήνητος. Τὰ δημόσια ἔργα παραμένουσιν ἀνεκτέλεστα καὶ οἱ φόροι ἐπιβαρύνουσι τοὺς γεωργούς. Ἐπὶ τῇ ἐπισκέψει τῶν ἐκλογέων τῆς ἐπαρχίας ἀνεκοινώθη ὅτι ἡ κατάστασις τοῦ λαοῦ εἶναι ἀξιοθρήνητος. Τὰ δημόσια ἔργα παραμένουσιν ἀνεκτέλεστα καὶ οἱ φόροι ἐπιβαρύνουσι τοὺς γεωργούς. Ἐπὶ τῇ ἐπισκέψει τῶν ἐκλογέων τῆς ἐπαρχίας ἀνεκοινώθη ὅτι ἡ κατάστασις τοῦ λαοῦ εἶναι ἀξιοθρήνητος. Τὰ δημόσια ἔργα παραμένουσιν ἀνεκτέλεστα καὶ οἱ φόροι ἐπιβαρύνουσι τοὺς γεωργούς. Ἐπὶ τῇ ἐπισκέψει τῶν ἐκλογέων τῆς ἐπαρχίας ἀνεκοινώθη ὅτι ἡ κατάστασις τοῦ λαοῦ εἶναι ἀξιοθρήνητος. Τὰ δημόσια ἔργα παραμένουσιν ἀνεκτέλεστα καὶ οἱ φόροι ἐπιβαρύνουσι τοὺς γεωργούς.

Τῇ δεκάτῃ ἑβδόμῃ τρέχοντος μηνὸς συνῆλθεν ἡ ἐπιτροπὴ τῶν προκρίτων καὶ ἀπεφάσισεν ὅπως ἀποσταλῇ ὑπόμνημα πρὸς τὴν Α. Ἐξοχότητα τὸν Ἀρμοστὴν διὰ τὴν βελτίωσιν τῶν συγκοινωνιῶν καὶ τὴν ἵδρυσιν σχολείων εἰς τὰ χωρία.

Τῇ δεκάτῃ ἑβδόμῃ τρέχοντος μηνὸς συνῆλθεν ἡ ἐπιτροπὴ τῶν προκρίτων καὶ ἀπεφάσισεν ὅπως ἀποσταλῇ ὑπόμνημα πρὸς τὴν Α. Ἐξοχότητα τὸν Ἀρμοστὴν διὰ τὴν βελτίωσιν τῶν συγκοινωνιῶν καὶ τὴν ἵδρυσιν σχολείων εἰς τὰ χωρία. Τῇ δεκάτῃ ἑβδόμῃ τρέχοντος μηνὸς συνῆλθεν ἡ ἐπιτροπὴ τῶν προκρίτων καὶ ἀπεφάσισεν ὅπως ἀποσταλῇ ὑπόμνημα πρὸς τὴν Α. Ἐξοχότητα τὸν Ἀρμοστὴν διὰ τὴν βελτίωσιν τῶν συγκοινωνιῶν καὶ τὴν ἵδρυσιν σχολείων εἰς τὰ χωρία. Τῇ δεκάτῃ ἑβδόμῃ τρέχοντος μηνὸς συνῆλθεν ἡ ἐπιτροπὴ τῶν προκρίτων καὶ ἀπεφάσισεν ὅπως ἀποσταλῇ ὑπόμνημα πρὸς τὴν Α. Ἐξοχότητα τὸν Ἀρμοστὴν διὰ τὴν βελτίωσιν τῶν συγκοινωνιῶν καὶ τὴν ἵδρυσιν σχολείων εἰς τὰ χωρία. Τῇ δεκάτῃ ἑβδόμῃ τρέχοντος μηνὸς συνῆλθεν ἡ ἐπιτροπὴ τῶν προκρίτων καὶ ἀπεφάσισεν ὅπως ἀποσταλῇ ὑπόμνημα πρὸς τὴν Α. Ἐξοχότητα τὸν Ἀρμοστὴν διὰ τὴν βελτίωσιν τῶν συγκοινωνιῶν καὶ τὴν ἵδρυσιν σχολείων εἰς τὰ χωρία. Τῇ δεκάτῃ ἑβδόμῃ τρέχοντος μηνὸς συνῆλθεν ἡ ἐπιτροπὴ τῶν προκρίτων καὶ ἀπεφάσισεν ὅπως ἀποσταλῇ ὑπόμνημα πρὸς τὴν Α. Ἐξοχότητα τὸν Ἀρμοστὴν διὰ τὴν βελτίωσιν τῶν συγκοινωνιῶν καὶ τὴν ἵδρυσιν σχολείων εἰς τὰ χωρία. Τῇ δεκάτῃ ἑβδόμῃ τρέχοντος μηνὸς συνῆλθεν ἡ ἐπιτροπὴ τῶν προκρίτων καὶ ἀπεφάσισεν ὅπως ἀποσταλῇ ὑπόμνημα πρὸς τὴν Α. Ἐξοχότητα τὸν Ἀρμοστὴν διὰ τὴν βελτίωσιν τῶν συγκοινωνιῶν καὶ τὴν ἵδρυσιν σχολείων εἰς τὰ χωρία.

Καὶ τῷ ὄντι, ἐὰν ἡ Κυβέρνησις θελήσῃ νὰ ἀκούσῃ τὴν φωνὴν τοῦ λαοῦ, θὰ εὕρῃ ἐν αὐτῇ τὴν ἀλήθειαν τῶν παραπόνων ἡμῶν, ἅτινα δὲν εἶναι ἄλλα ἢ τὰ δίκαια αἰτήματα ἑνὸς λαοῦ φιλησύχου.

Καὶ τῷ ὄντι, ἐὰν ἡ Κυβέρνησις θελήσῃ νὰ ἀκούσῃ τὴν φωνὴν τοῦ λαοῦ, θὰ εὕρῃ ἐν αὐτῇ τὴν ἀλήθειαν τῶν παραπόνων ἡμῶν, ἅτινα δὲν εἶναι ἄλλα ἢ τὰ δίκαια αἰτήματα ἑνὸς λαοῦ φιλησύχου. Καὶ τῷ ὄντι, ἐὰν ἡ Κυβέρνησις θελήσῃ νὰ ἀκούσῃ τὴν φωνὴν τοῦ λαοῦ, θὰ εὕρῃ ἐν αὐτῇ τὴν ἀλήθειαν τῶν παραπόνων ἡμῶν, ἅτινα δὲν εἶναι ἄλλα ἢ τὰ δίκαια αἰτήματα ἑνὸς λαοῦ φιλησύχου. Καὶ τῷ ὄντι, ἐὰν ἡ Κυβέρνησις θελήσῃ νὰ ἀκούσῃ τὴν φωνὴν τοῦ λαοῦ, θὰ εὕρῃ ἐν αὐτῇ τὴν ἀλήθειαν τῶν παραπόνων ἡμῶν, ἅτινα δὲν εἶναι ἄλλα ἢ τὰ δίκαια αἰτήματα ἑνὸς λαοῦ φιλησύχου. Καὶ τῷ ὄντι, ἐὰν ἡ Κυβέρνησις θελήσῃ νὰ ἀκούσῃ τὴν φωνὴν τοῦ λαοῦ, θὰ εὕρῃ ἐν αὐτῇ τὴν ἀλήθειαν τῶν παραπόνων ἡμῶν, ἅτινα δὲν εἶναι ἄλλα ἢ τὰ δίκαια αἰτήματα ἑνὸς λαοῦ φιλησύχου. Καὶ τῷ ὄντι, ἐὰν ἡ Κυβέρνησις θελήσῃ νὰ ἀκούσῃ τὴν φωνὴν τοῦ λαοῦ, θὰ εὕρῃ ἐν αὐτῇ τὴν ἀλήθειαν τῶν παραπόνων ἡμῶν, ἅτινα δὲν εἶναι ἄλλα ἢ τὰ δίκαια αἰτήματα ἑνὸς λαοῦ φιλησύχου. Καὶ τῷ ὄντι, ἐὰν ἡ Κυβέρνησις θελήσῃ νὰ ἀκούσῃ τὴν φωνὴν τοῦ λαοῦ, θὰ εὕρῃ ἐν αὐτῇ τὴν ἀλήθειαν τῶν παραπόνων ἡμῶν, ἅτινα δὲν εἶναι ἄλλα ἢ τὰ δίκαια αἰτήματα ἑνὸς λαοῦ φιλησύχου.

Ὁ Χρονογράφος
ΖΗΤΗΜΑΤΑ

«ΣΚΑΝΙΚΑ», ἀποτελοῦν ἐκ τοῦ πλείονος αὐτῶν φθάσαντα μέχρις ἡμῶν διὰ τοῦ τηλεγράφου, ἀναγκάζουσιν ἡμᾶς νὰ ἐπανέλθωμεν εἰς τὸ ζήτημα τῆς ἐκπαιδεύσεως καὶ τῆς διοικήσεως τῶν σχολείων.

«ΣΚΑΝΙΚΑ», ἀποτελοῦν ἐκ τοῦ πλείονος αὐτῶν φθάσαντα μέχρις ἡμῶν διὰ τοῦ τηλεγράφου, ἀναγκάζουσιν ἡμᾶς νὰ ἐπανέλθωμεν εἰς τὸ ζήτημα τῆς ἐκπαιδεύσεως καὶ τῆς διοικήσεως τῶν σχολείων. «ΣΚΑΝΙΚΑ», ἀποτελοῦν ἐκ τοῦ πλείονος αὐτῶν φθάσαντα μέχρις ἡμῶν διὰ τοῦ τηλεγράφου, ἀναγκάζουσιν ἡμᾶς νὰ ἐπανέλθωμεν εἰς τὸ ζήτημα τῆς ἐκπαιδεύσεως καὶ τῆς διοικήσεως τῶν σχολείων. «ΣΚΑΝΙΚΑ», ἀποτελοῦν ἐκ τοῦ πλείονος αὐτῶν φθάσαντα μέχρις ἡμῶν διὰ τοῦ τηλεγράφου, ἀναγκάζουσιν ἡμᾶς νὰ ἐπανέλθωμεν εἰς τὸ ζήτημα τῆς ἐκπαιδεύσεως καὶ τῆς διοικήσεως τῶν σχολείων. «ΣΚΑΝΙΚΑ», ἀποτελοῦν ἐκ τοῦ πλείονος αὐτῶν φθάσαντα μέχρις ἡμῶν διὰ τοῦ τηλεγράφου, ἀναγκάζουσιν ἡμᾶς νὰ ἐπανέλθωμεν εἰς τὸ ζήτημα τῆς ἐκπαιδεύσεως καὶ τῆς διοικήσεως τῶν σχολείων. «ΣΚΑΝΙΚΑ», ἀποτελοῦν ἐκ τοῦ πλείονος αὐτῶν φθάσαντα μέχρις ἡμῶν διὰ τοῦ τηλεγράφου, ἀναγκάζουσιν ἡμᾶς νὰ ἐπανέλθωμεν εἰς τὸ ζήτημα τῆς ἐκπαιδεύσεως καὶ τῆς διοικήσεως τῶν σχολείων. «ΣΚΑΝΙΚΑ», ἀποτελοῦν ἐκ τοῦ πλείονος αὐτῶν φθάσαντα μέχρις ἡμῶν διὰ τοῦ τηλεγράφου, ἀναγκάζουσιν ἡμᾶς νὰ ἐπανέλθωμεν εἰς τὸ ζήτημα τῆς ἐκπαιδεύσεως καὶ τῆς διοικήσεως τῶν σχολείων.
